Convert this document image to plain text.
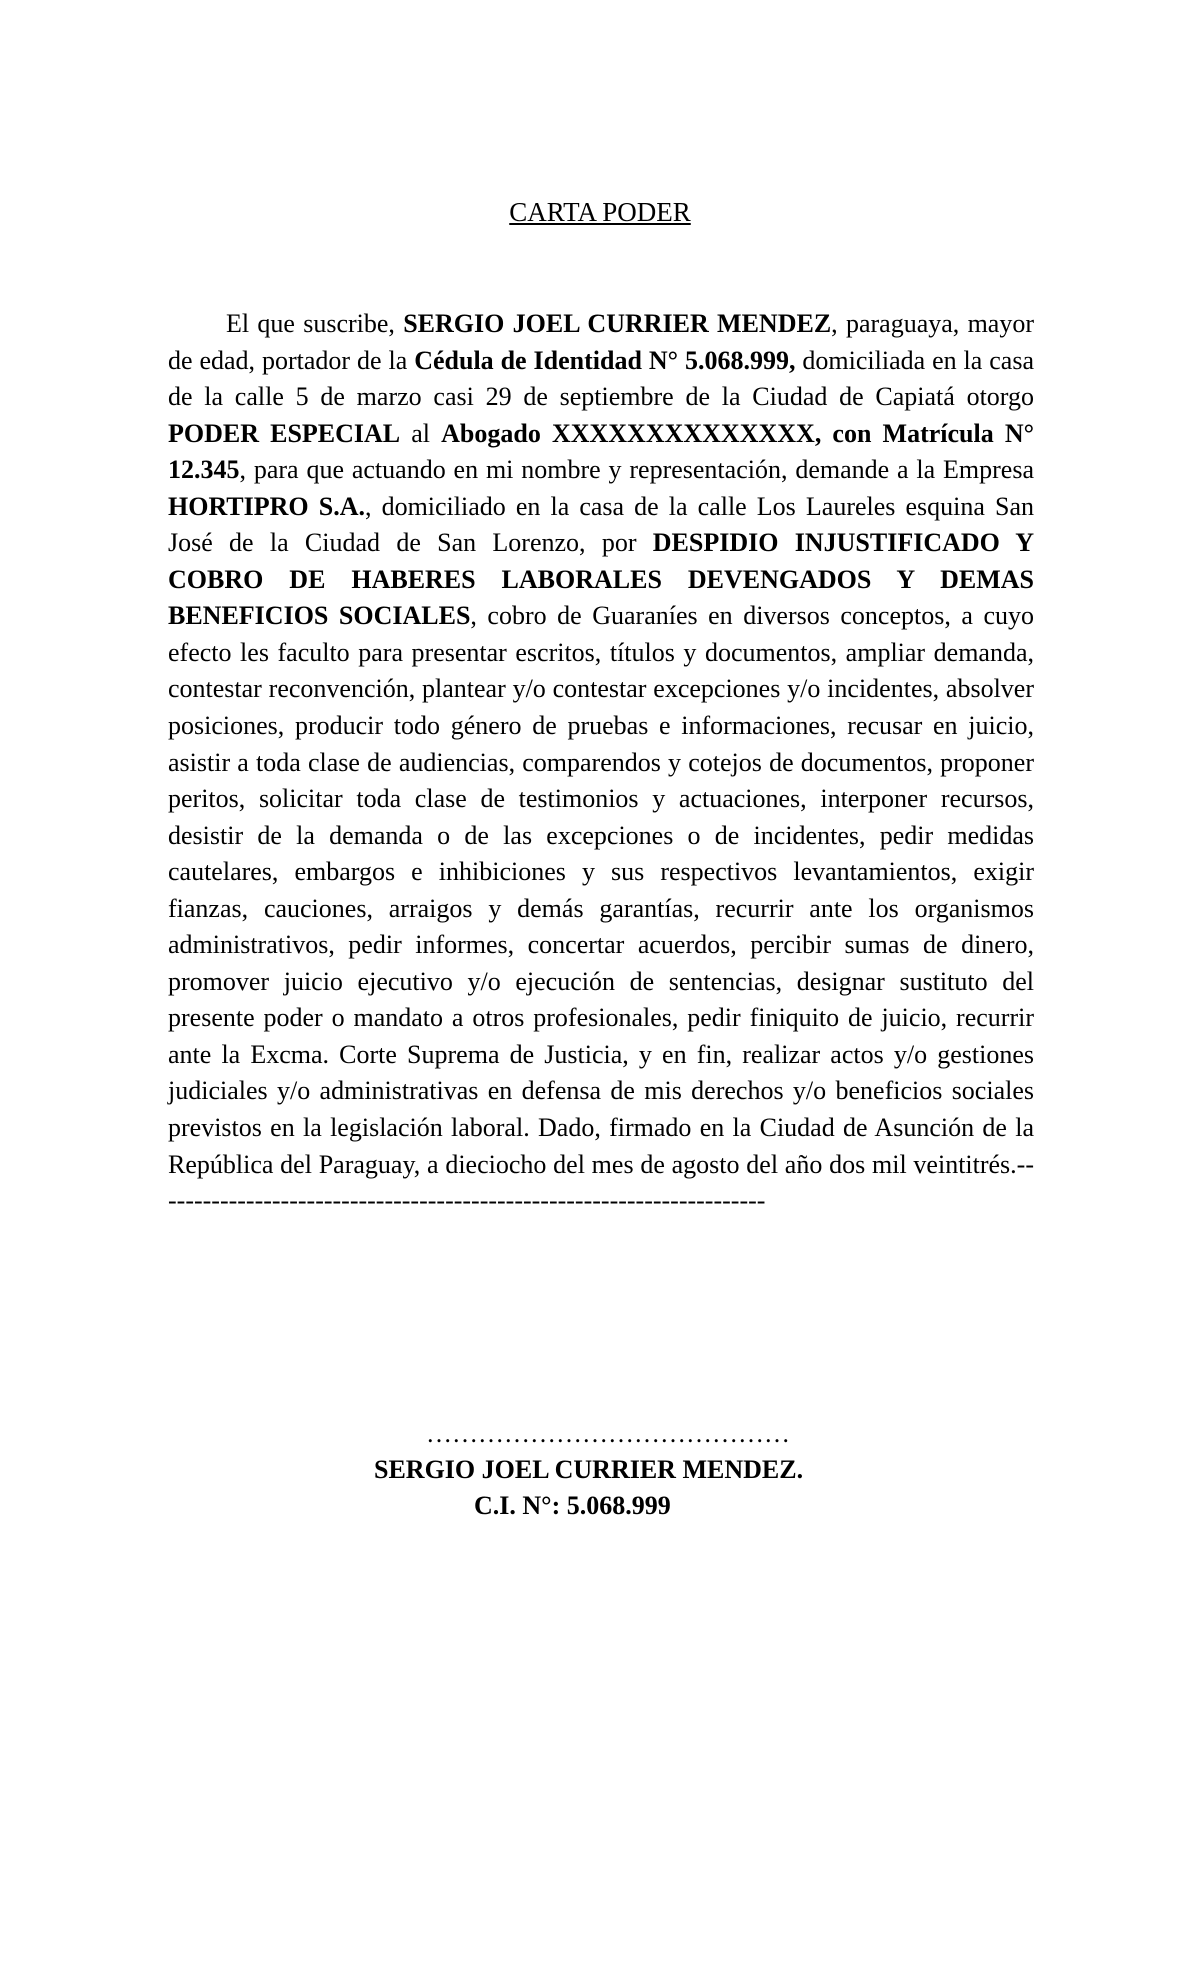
CARTA PODER

El que suscribe, SERGIO JOEL CURRIER MENDEZ, paraguaya, mayor de edad, portador de la Cédula de Identidad N° 5.068.999, domiciliada en la casa de la calle 5 de marzo casi 29 de septiembre de la Ciudad de Capiatá otorgo PODER ESPECIAL al Abogado XXXXXXXXXXXXXX, con Matrícula N° 12.345, para que actuando en mi nombre y representación, demande a la Empresa HORTIPRO S.A., domiciliado en la casa de la calle Los Laureles esquina San José de la Ciudad de San Lorenzo, por DESPIDIO INJUSTIFICADO Y COBRO DE HABERES LABORALES DEVENGADOS Y DEMAS BENEFICIOS SOCIALES, cobro de Guaraníes en diversos conceptos, a cuyo efecto les faculto para presentar escritos, títulos y documentos, ampliar demanda, contestar reconvención, plantear y/o contestar excepciones y/o incidentes, absolver posiciones, producir todo género de pruebas e informaciones, recusar en juicio, asistir a toda clase de audiencias, comparendos y cotejos de documentos, proponer peritos, solicitar toda clase de testimonios y actuaciones, interponer recursos, desistir de la demanda o de las excepciones o de incidentes, pedir medidas cautelares, embargos e inhibiciones y sus respectivos levantamientos, exigir fianzas, cauciones, arraigos y demás garantías, recurrir ante los organismos administrativos, pedir informes, concertar acuerdos, percibir sumas de dinero, promover juicio ejecutivo y/o ejecución de sentencias, designar sustituto del presente poder o mandato a otros profesionales, pedir finiquito de juicio, recurrir ante la Excma. Corte Suprema de Justicia, y en fin, realizar actos y/o gestiones judiciales y/o administrativas en defensa de mis derechos y/o beneficios sociales previstos en la legislación laboral. Dado, firmado en la Ciudad de Asunción de la República del Paraguay, a dieciocho del mes de agosto del año dos mil veintitrés.-----------------------------------------------------------------------

……………………………………
SERGIO JOEL CURRIER MENDEZ.
C.I. N°: 5.068.999
